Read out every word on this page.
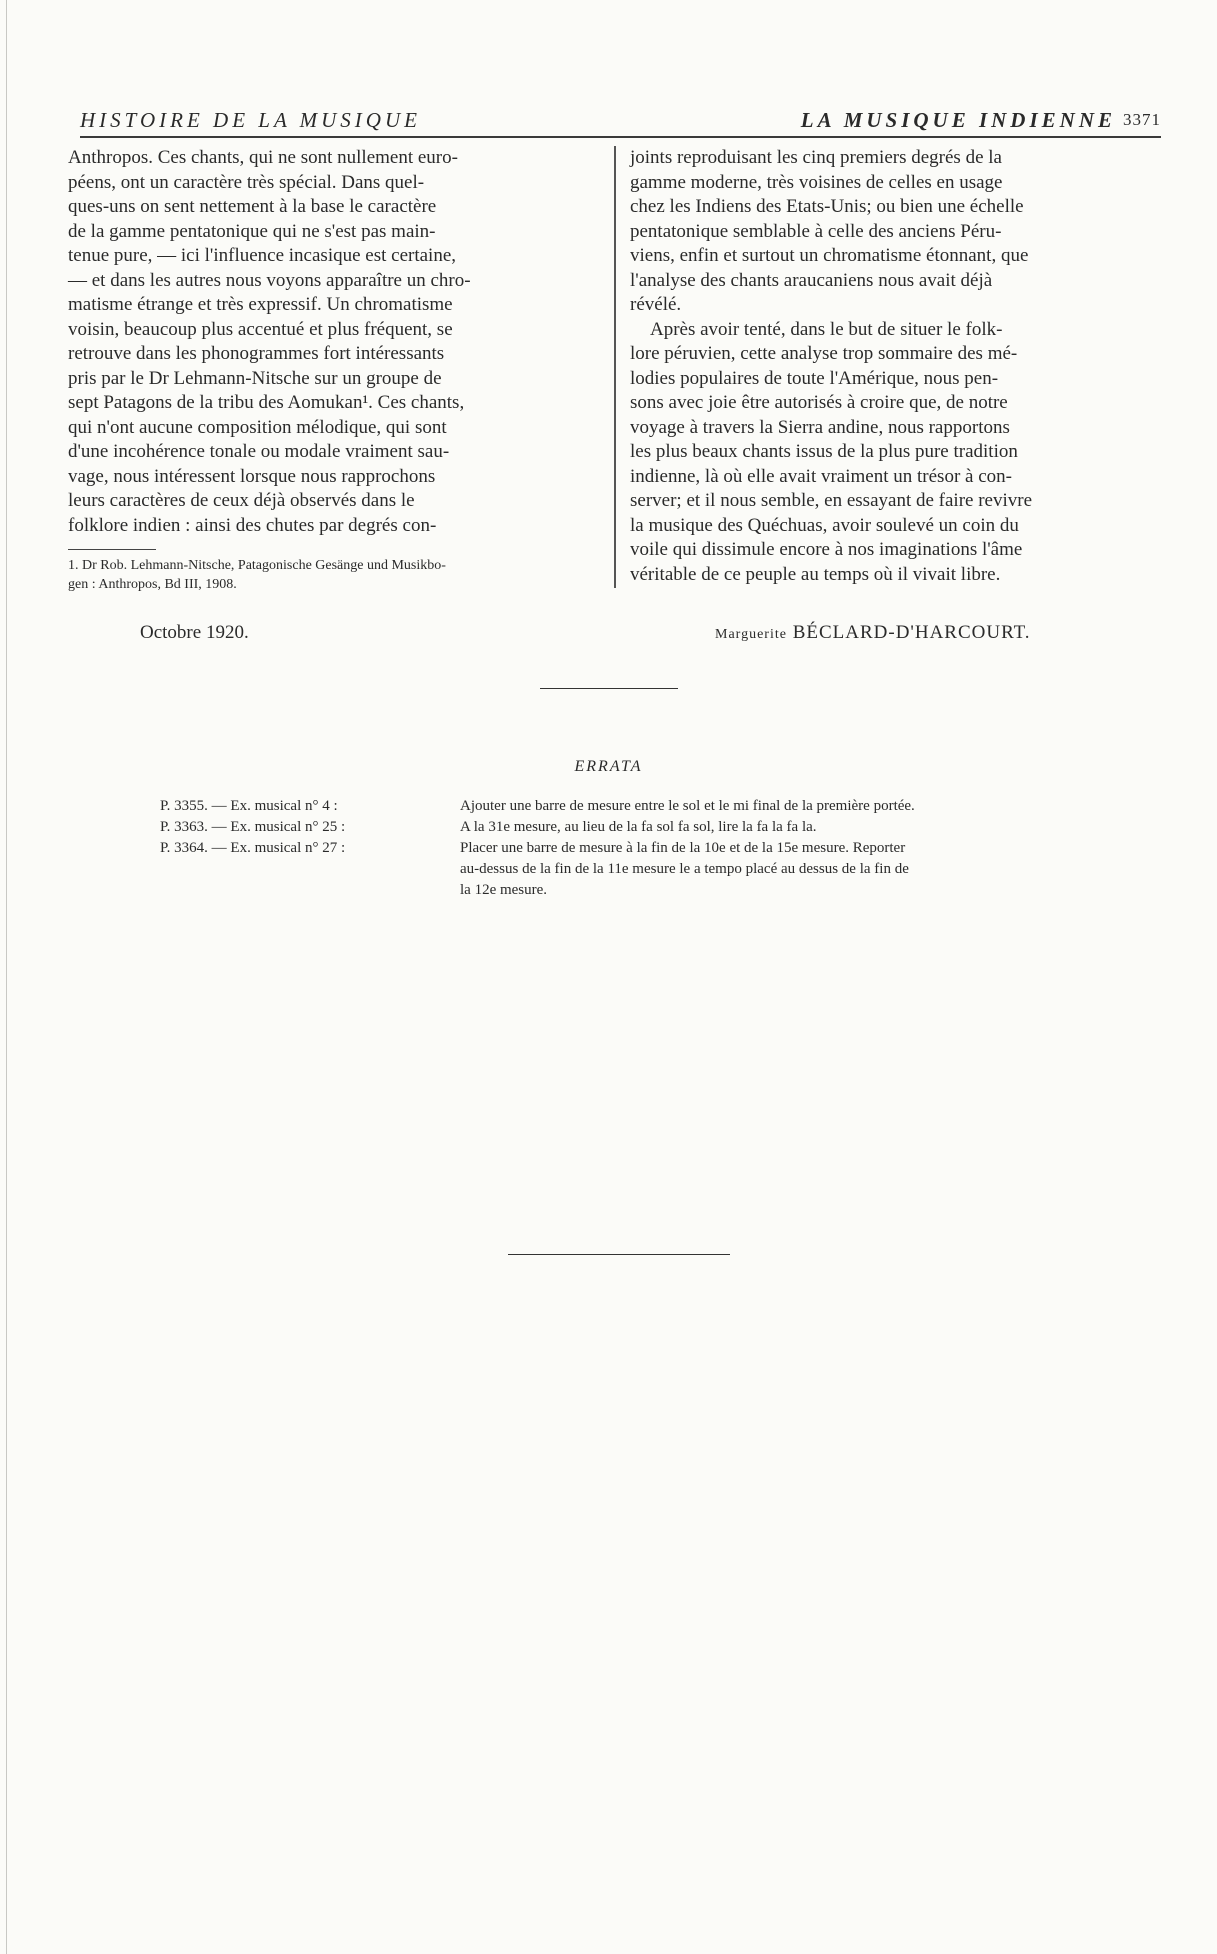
HISTOIRE DE LA MUSIQUE	LA MUSIQUE INDIENNE 3371

Anthropos. Ces chants, qui ne sont nullement euro-

péens, ont un caractère très spécial. Dans quel-

ques-uns on sent nettement à la base le caractère

de la gamme pentatonique qui ne s'est pas main-

tenue pure, — ici l'influence incasique est certaine,

— et dans les autres nous voyons apparaître un chro-

matisme étrange et très expressif. Un chromatisme

voisin, beaucoup plus accentué et plus fréquent, se

retrouve dans les phonogrammes fort intéressants

pris par le Dr Lehmann-Nitsche sur un groupe de

sept Patagons de la tribu des Aomukan¹. Ces chants,

qui n'ont aucune composition mélodique, qui sont

d'une incohérence tonale ou modale vraiment sau-

vage, nous intéressent lorsque nous rapprochons

leurs caractères de ceux déjà observés dans le

folklore indien : ainsi des chutes par degrés con-

1. Dr Rob. Lehmann-Nitsche, Patagonische Gesänge und Musikbo-
gen : Anthropos, Bd III, 1908.

joints reproduisant les cinq premiers degrés de la

gamme moderne, très voisines de celles en usage

chez les Indiens des Etats-Unis; ou bien une échelle

pentatonique semblable à celle des anciens Péru-

viens, enfin et surtout un chromatisme étonnant, que

l'analyse des chants araucaniens nous avait déjà

révélé.

Après avoir tenté, dans le but de situer le folk-

lore péruvien, cette analyse trop sommaire des mé-

lodies populaires de toute l'Amérique, nous pen-

sons avec joie être autorisés à croire que, de notre

voyage à travers la Sierra andine, nous rapportons

les plus beaux chants issus de la plus pure tradition

indienne, là où elle avait vraiment un trésor à con-

server; et il nous semble, en essayant de faire revivre

la musique des Quéchuas, avoir soulevé un coin du

voile qui dissimule encore à nos imaginations l'âme

véritable de ce peuple au temps où il vivait libre.

Octobre 1920.	Marguerite BÉCLARD-D'HARCOURT.
ERRATA
P. 3355. — Ex. musical n° 4 :	Ajouter une barre de mesure entre le sol et le mi final de la première portée.
P. 3363. — Ex. musical n° 25 :	A la 31e mesure, au lieu de la fa sol fa sol, lire la fa la fa la.
P. 3364. — Ex. musical n° 27 :	Placer une barre de mesure à la fin de la 10e et de la 15e mesure. Reporter
au-dessus de la fin de la 11e mesure le a tempo placé au dessus de la fin de
la 12e mesure.
